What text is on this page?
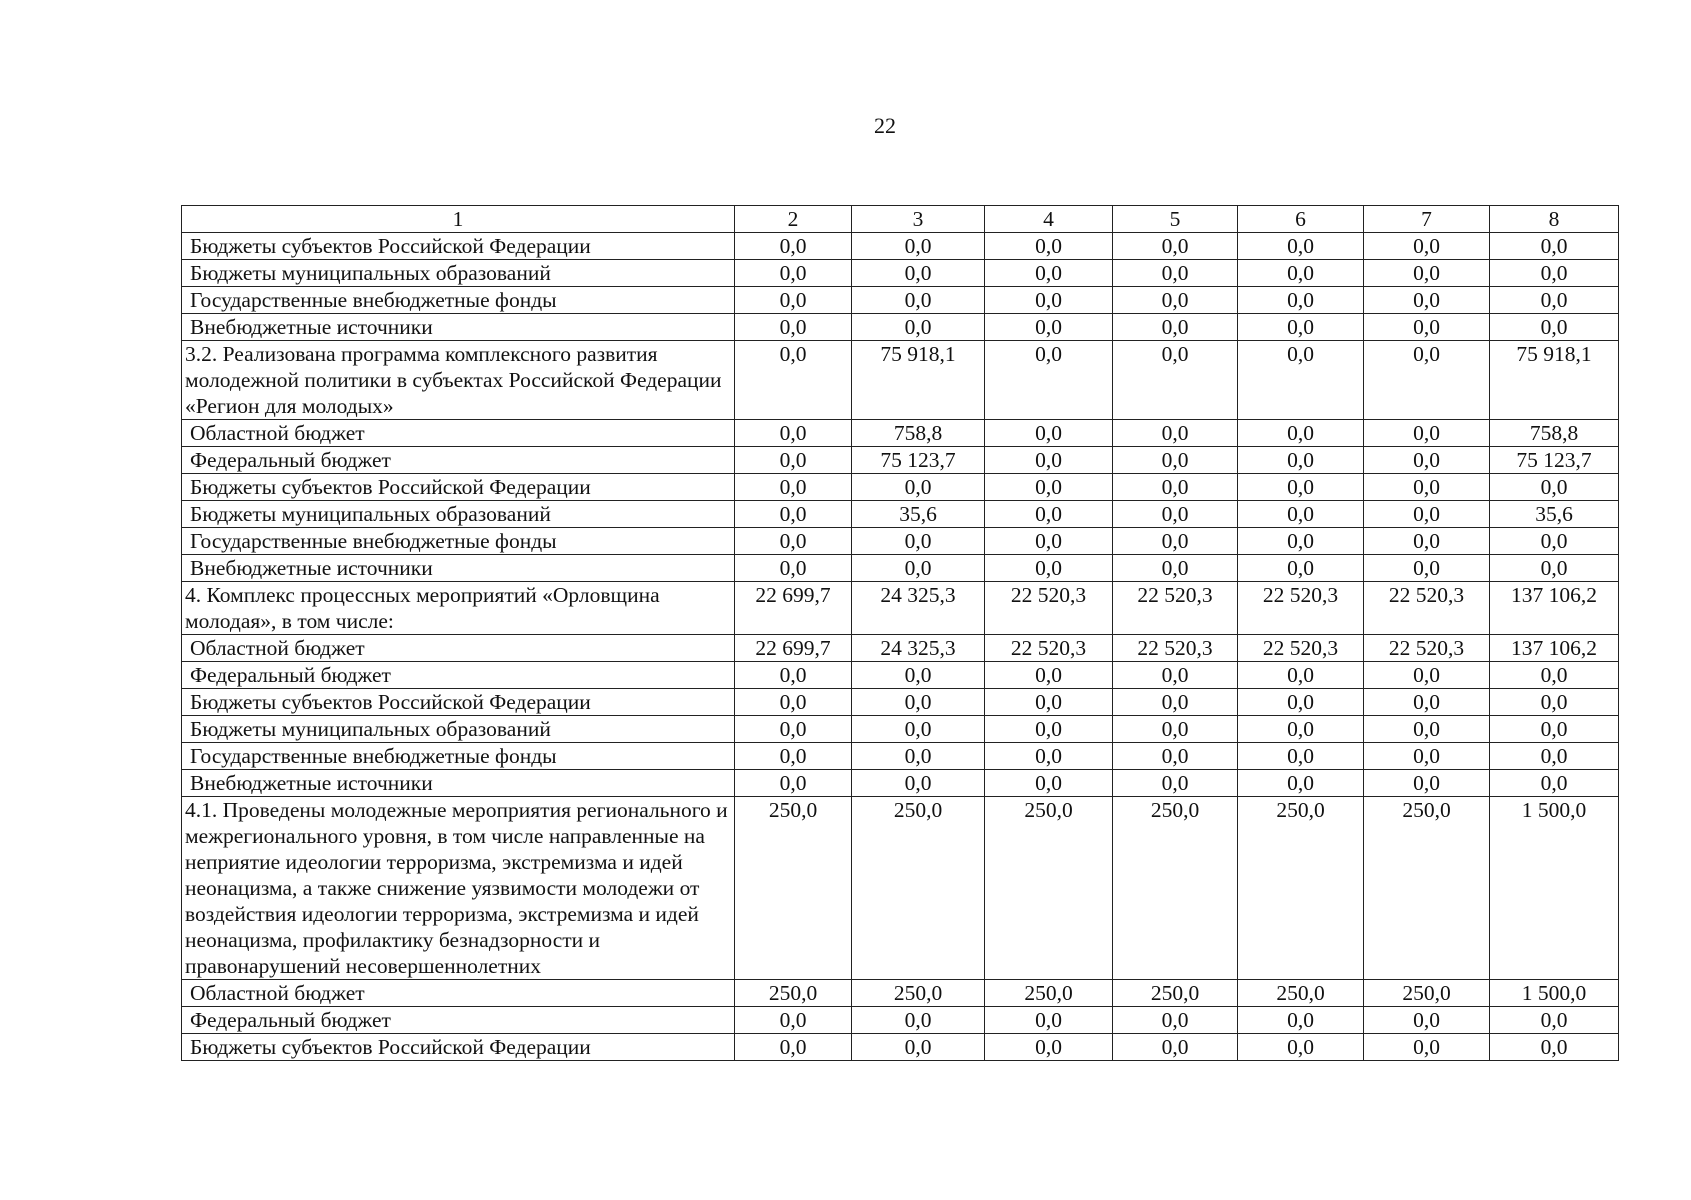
22
1	2	3	4	5	6	7	8
Бюджеты субъектов Российской Федерации	0,0	0,0	0,0	0,0	0,0	0,0	0,0
Бюджеты муниципальных образований	0,0	0,0	0,0	0,0	0,0	0,0	0,0
Государственные внебюджетные фонды	0,0	0,0	0,0	0,0	0,0	0,0	0,0
Внебюджетные источники	0,0	0,0	0,0	0,0	0,0	0,0	0,0
3.2. Реализована программа комплексного развития молодежной политики в субъектах Российской Федерации «Регион для молодых»	0,0	75 918,1	0,0	0,0	0,0	0,0	75 918,1
Областной бюджет	0,0	758,8	0,0	0,0	0,0	0,0	758,8
Федеральный бюджет	0,0	75 123,7	0,0	0,0	0,0	0,0	75 123,7
Бюджеты субъектов Российской Федерации	0,0	0,0	0,0	0,0	0,0	0,0	0,0
Бюджеты муниципальных образований	0,0	35,6	0,0	0,0	0,0	0,0	35,6
Государственные внебюджетные фонды	0,0	0,0	0,0	0,0	0,0	0,0	0,0
Внебюджетные источники	0,0	0,0	0,0	0,0	0,0	0,0	0,0
4. Комплекс процессных мероприятий «Орловщина молодая», в том числе:	22 699,7	24 325,3	22 520,3	22 520,3	22 520,3	22 520,3	137 106,2
Областной бюджет	22 699,7	24 325,3	22 520,3	22 520,3	22 520,3	22 520,3	137 106,2
Федеральный бюджет	0,0	0,0	0,0	0,0	0,0	0,0	0,0
Бюджеты субъектов Российской Федерации	0,0	0,0	0,0	0,0	0,0	0,0	0,0
Бюджеты муниципальных образований	0,0	0,0	0,0	0,0	0,0	0,0	0,0
Государственные внебюджетные фонды	0,0	0,0	0,0	0,0	0,0	0,0	0,0
Внебюджетные источники	0,0	0,0	0,0	0,0	0,0	0,0	0,0
4.1. Проведены молодежные мероприятия регионального и межрегионального уровня, в том числе направленные на неприятие идеологии терроризма, экстремизма и идей неонацизма, а также снижение уязвимости молодежи от воздействия идеологии терроризма, экстремизма и идей неонацизма, профилактику безнадзорности и правонарушений несовершеннолетних	250,0	250,0	250,0	250,0	250,0	250,0	1 500,0
Областной бюджет	250,0	250,0	250,0	250,0	250,0	250,0	1 500,0
Федеральный бюджет	0,0	0,0	0,0	0,0	0,0	0,0	0,0
Бюджеты субъектов Российской Федерации	0,0	0,0	0,0	0,0	0,0	0,0	0,0
